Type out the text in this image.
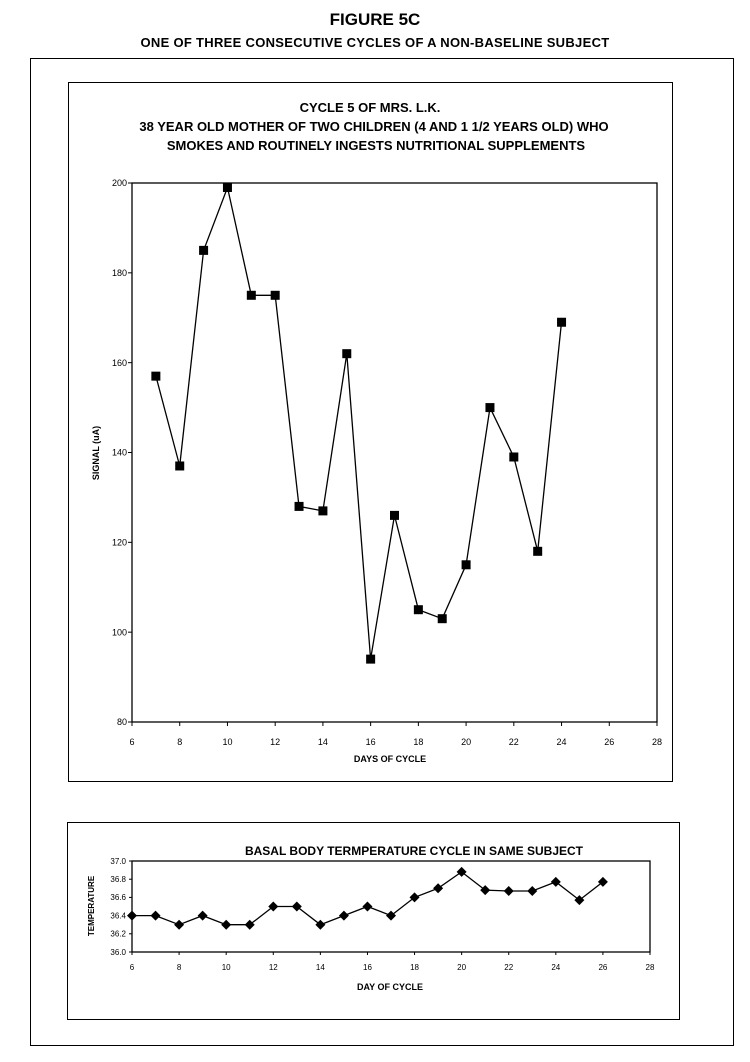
FIGURE 5C
ONE OF THREE CONSECUTIVE CYCLES OF A NON-BASELINE SUBJECT
CYCLE 5 OF MRS. L.K.
38 YEAR OLD MOTHER OF TWO CHILDREN (4 AND 1 1/2 YEARS OLD) WHO
SMOKES AND ROUTINELY INGESTS NUTRITIONAL SUPPLEMENTS
DAYS OF CYCLE
SIGNAL (uA)
6	8	10	12	14	16	18	20	22	24	26	28
80
100
120
140
160
180
200
BASAL BODY TERMPERATURE CYCLE IN SAME SUBJECT
DAY OF CYCLE
TEMPERATURE
6	8	10	12	14	16	18	20	22	24	26	28
36.0
36.2
36.4
36.6
36.8
37.0
